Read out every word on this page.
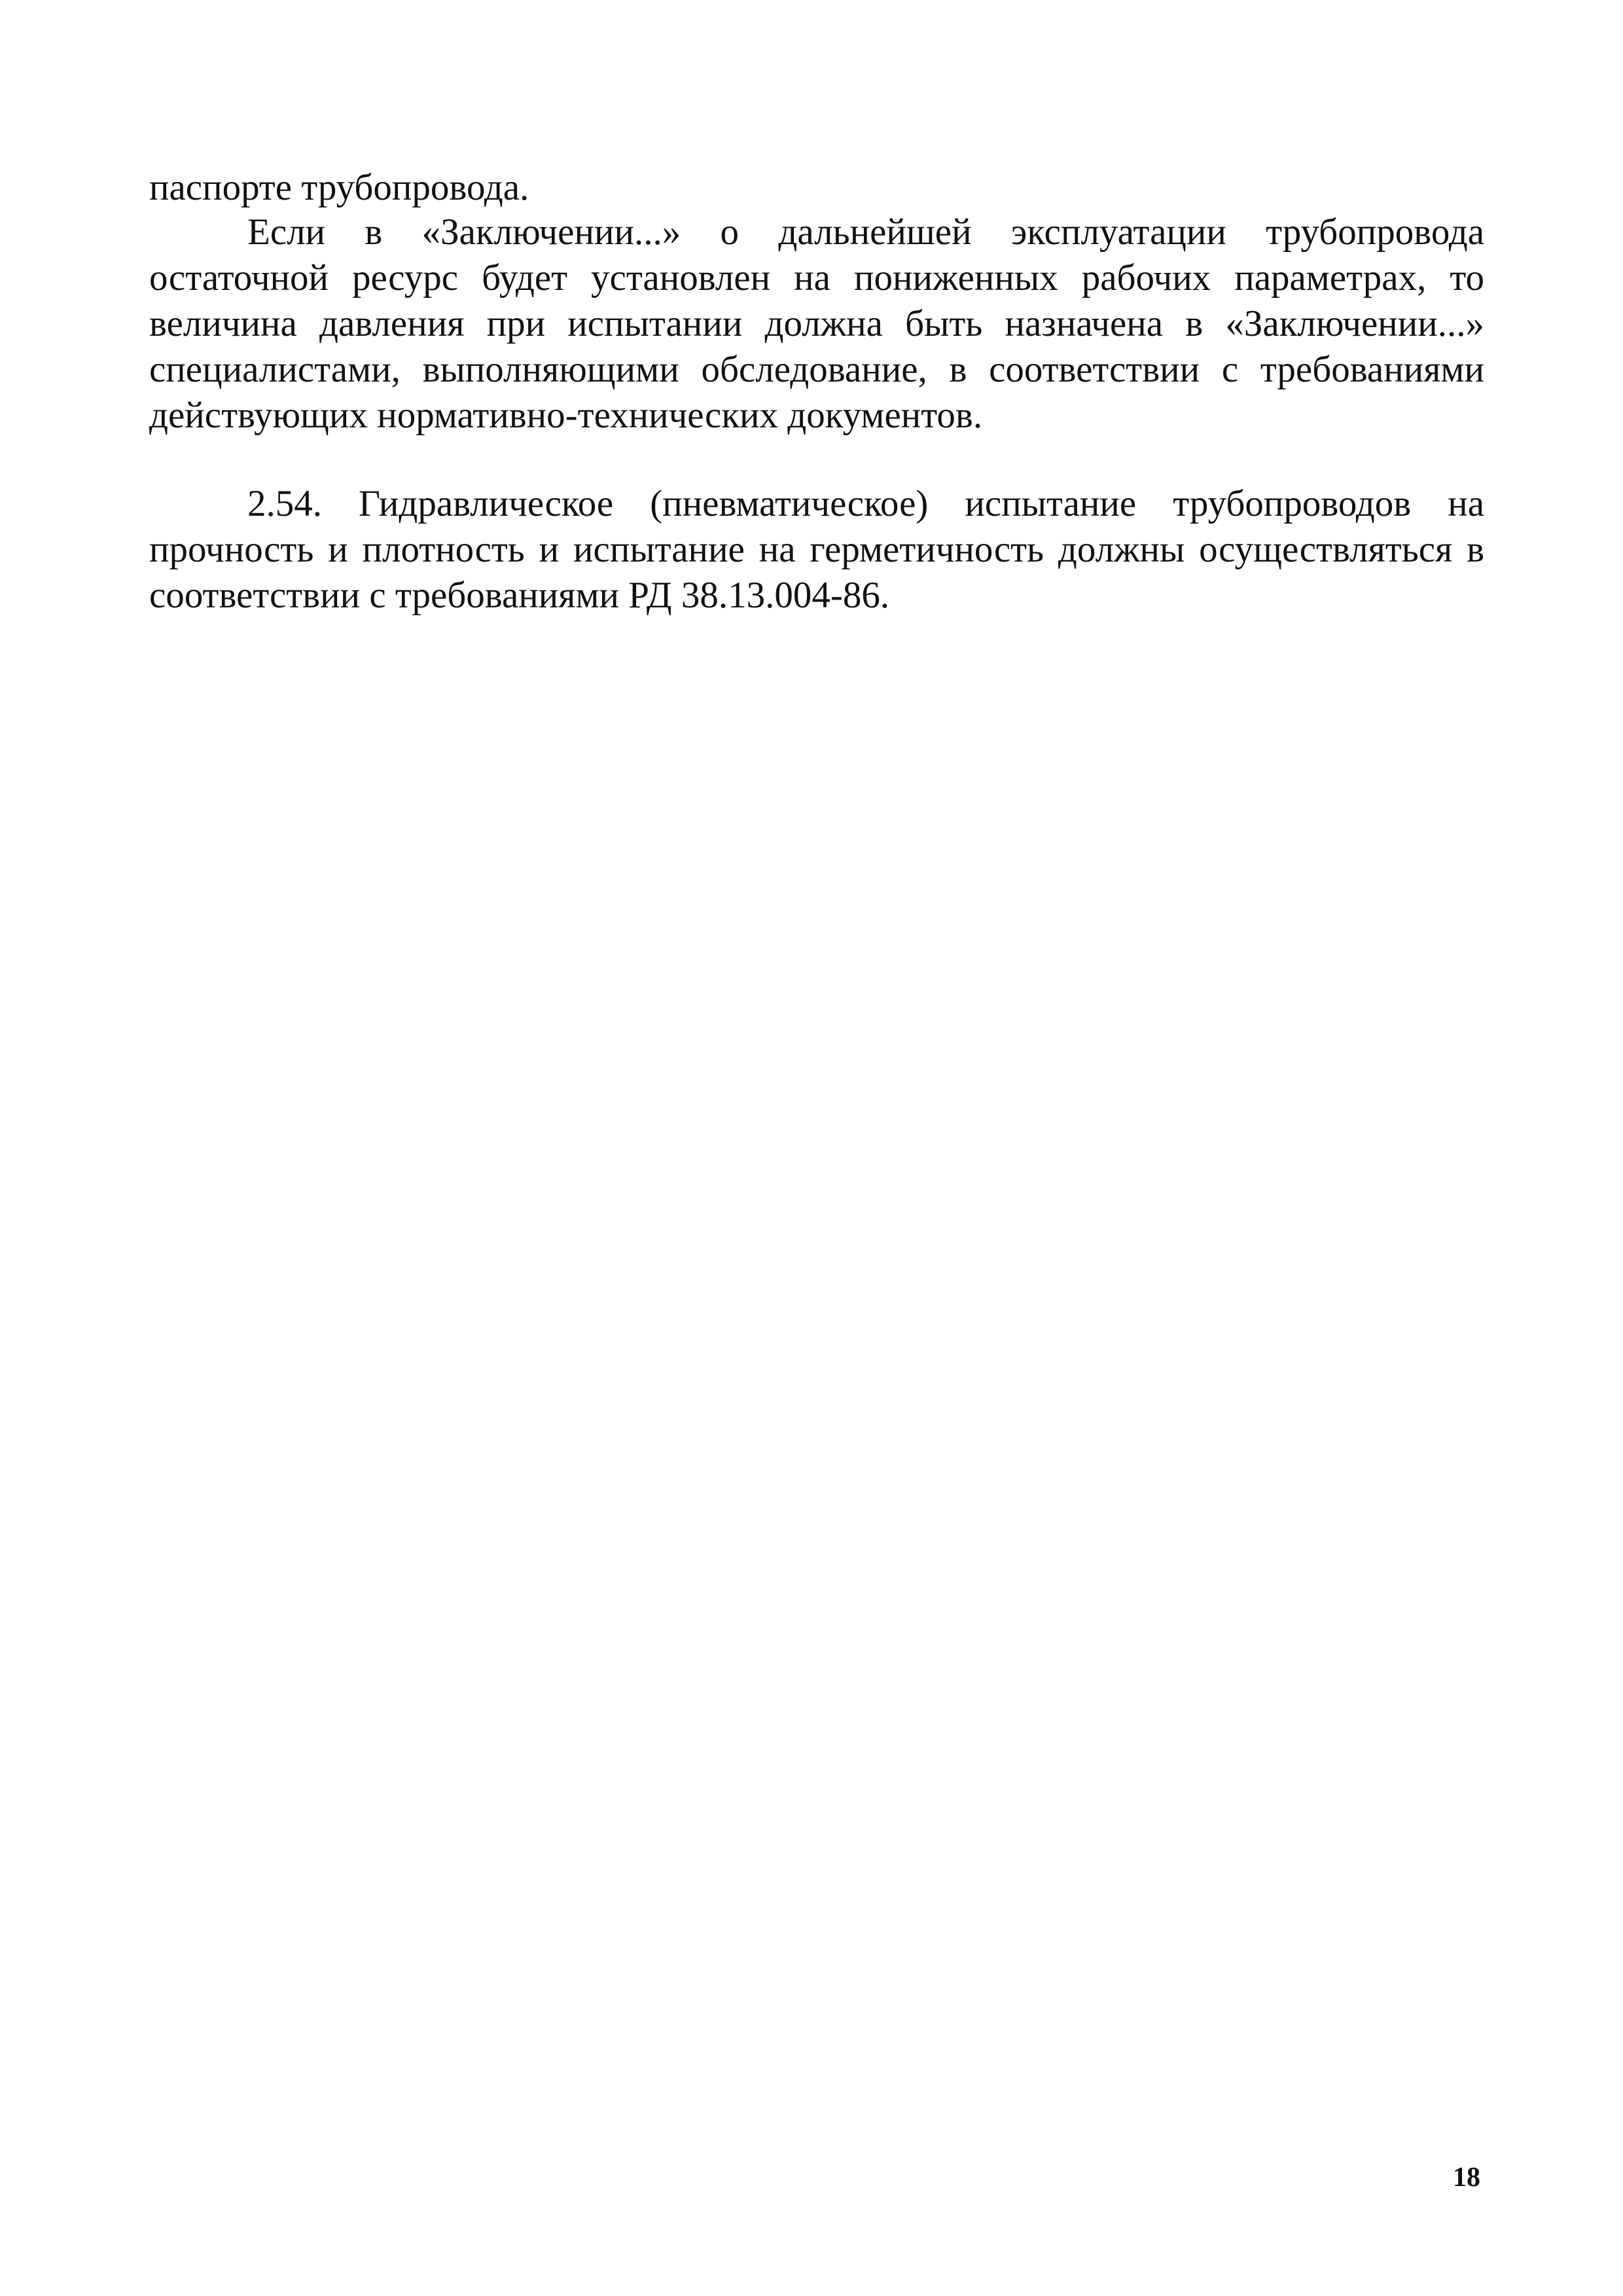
паспорте трубопровода.

Если в «Заключении...» о дальнейшей эксплуатации трубопровода остаточной ресурс будет установлен на пониженных рабочих параметрах, то величина давления при испытании должна быть назначена в «Заключении...» специалистами, выполняющими обследование, в соответствии с требованиями действующих нормативно-технических документов.

2.54. Гидравлическое (пневматическое) испытание трубопроводов на прочность и плотность и испытание на герметичность должны осуществляться в соответствии с требованиями РД 38.13.004-86.

18
